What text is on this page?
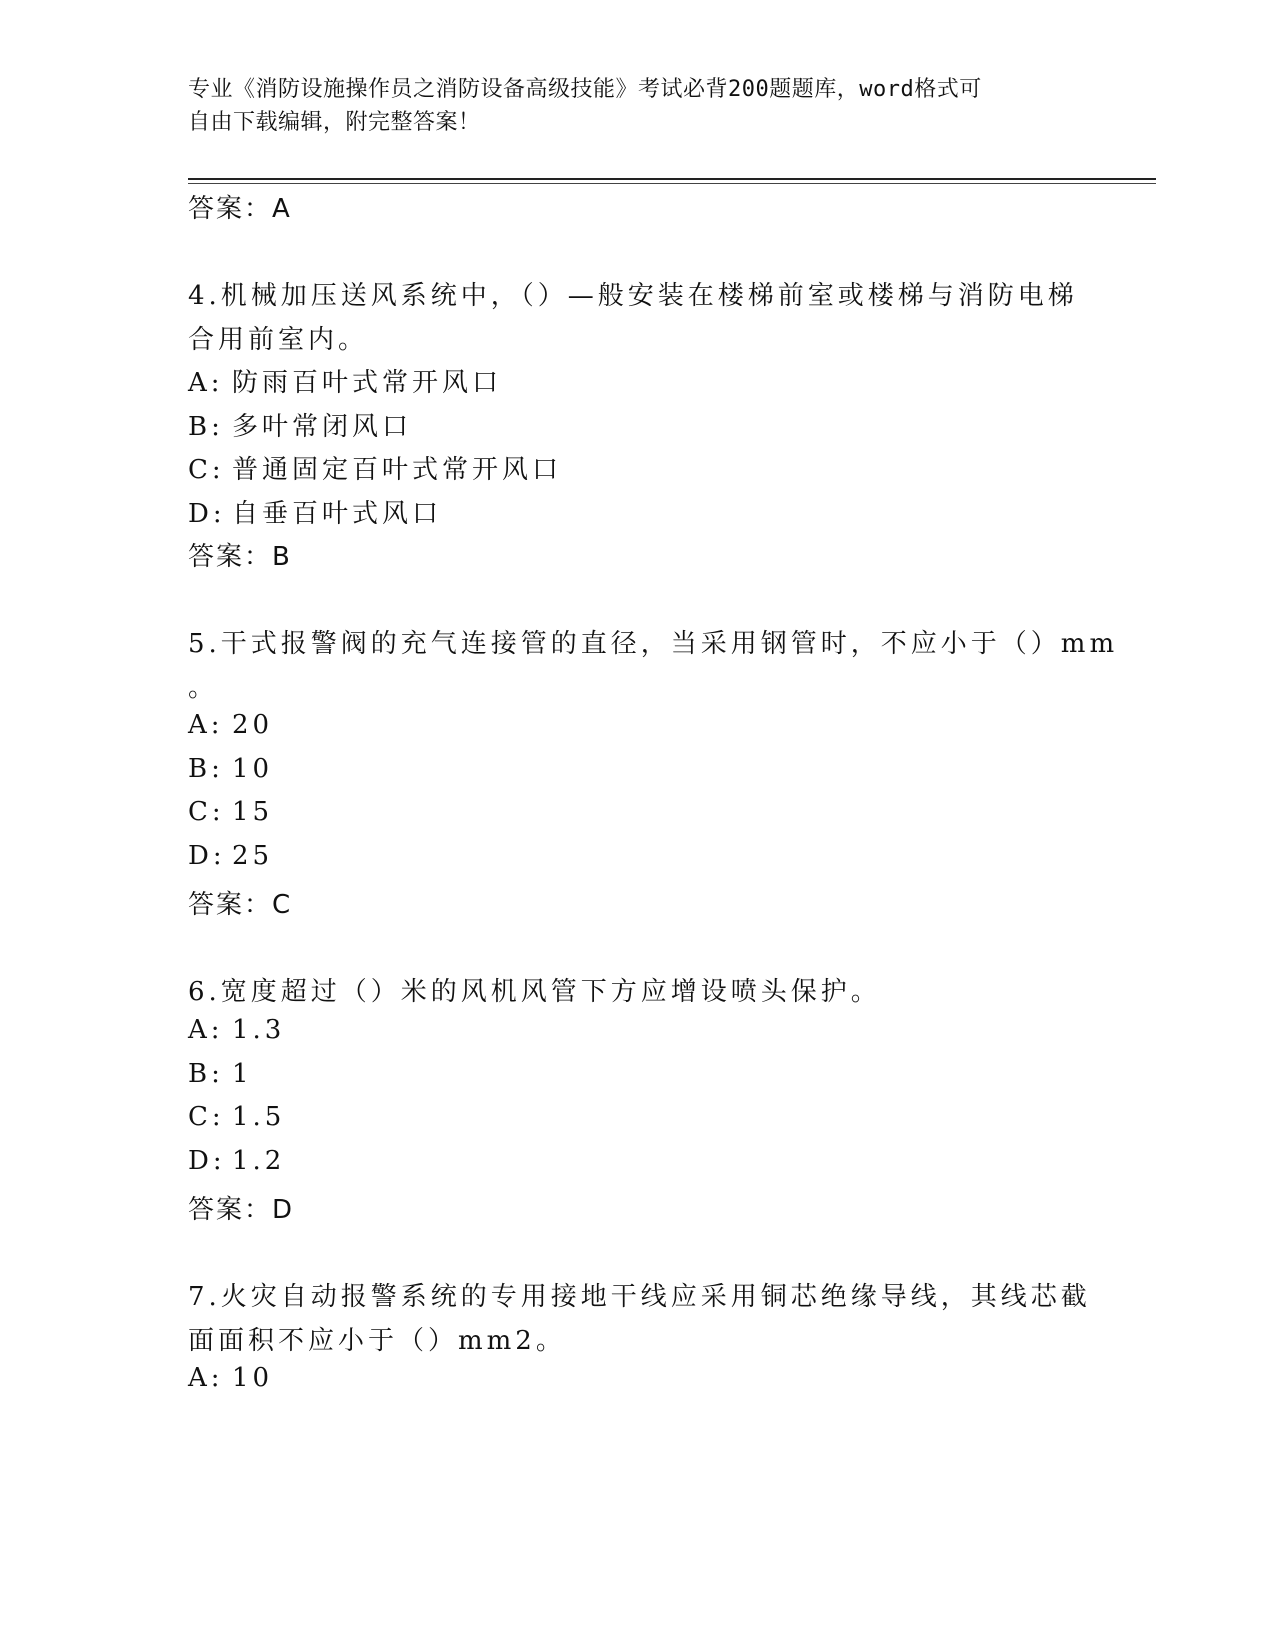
专业《消防设施操作员之消防设备高级技能》考试必背200题题库，word格式可
自由下载编辑，附完整答案！
答案：A
4.机械加压送风系统中，（）—般安装在楼梯前室或楼梯与消防电梯
合用前室内。
A: 防雨百叶式常开风口
B: 多叶常闭风口
C: 普通固定百叶式常开风口
D: 自垂百叶式风口
答案：B
5.干式报警阀的充气连接管的直径，当采用钢管时，不应小于（）mm
。
A: 20
B: 10
C: 15
D: 25
答案：C
6.宽度超过（）米的风机风管下方应增设喷头保护。
A: 1.3
B: 1
C: 1.5
D: 1.2
答案：D
7.火灾自动报警系统的专用接地干线应采用铜芯绝缘导线，其线芯截
面面积不应小于（）mm2。
A: 10
